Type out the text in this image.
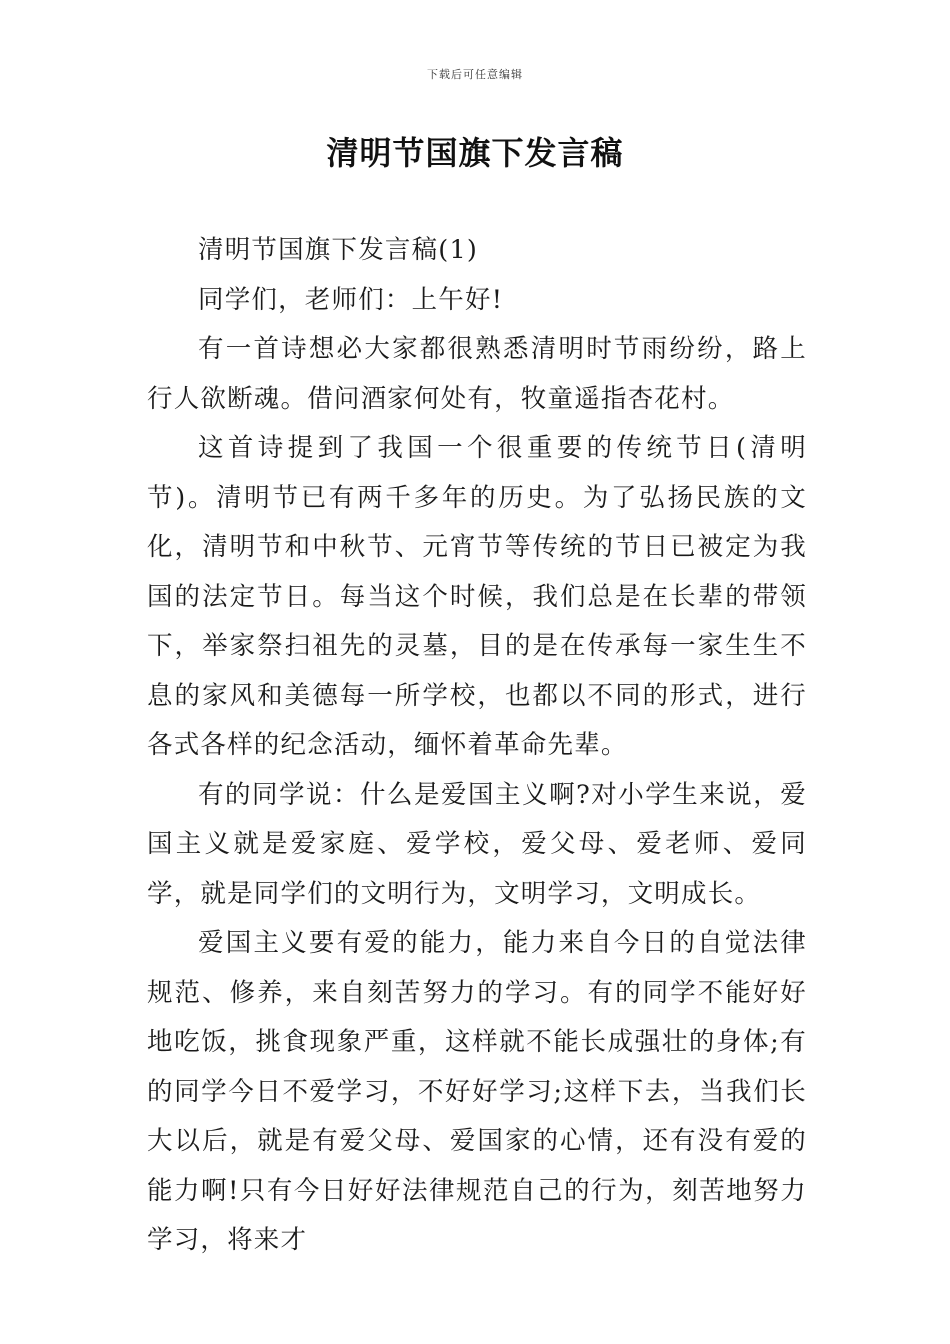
下载后可任意编辑
清明节国旗下发言稿

清明节国旗下发言稿(1)

同学们，老师们：上午好!

有一首诗想必大家都很熟悉清明时节雨纷纷，路上行人欲断魂。借问酒家何处有，牧童遥指杏花村。

这首诗提到了我国一个很重要的传统节日(清明节)。清明节已有两千多年的历史。为了弘扬民族的文化，清明节和中秋节、元宵节等传统的节日已被定为我国的法定节日。每当这个时候，我们总是在长辈的带领下，举家祭扫祖先的灵墓，目的是在传承每一家生生不息的家风和美德每一所学校，也都以不同的形式，进行各式各样的纪念活动，缅怀着革命先辈。

有的同学说：什么是爱国主义啊?对小学生来说，爱国主义就是爱家庭、爱学校，爱父母、爱老师、爱同学，就是同学们的文明行为，文明学习，文明成长。

爱国主义要有爱的能力，能力来自今日的自觉法律规范、修养，来自刻苦努力的学习。有的同学不能好好地吃饭，挑食现象严重，这样就不能长成强壮的身体;有的同学今日不爱学习，不好好学习;这样下去，当我们长大以后，就是有爱父母、爱国家的心情，还有没有爱的能力啊!只有今日好好法律规范自己的行为，刻苦地努力学习，将来才
